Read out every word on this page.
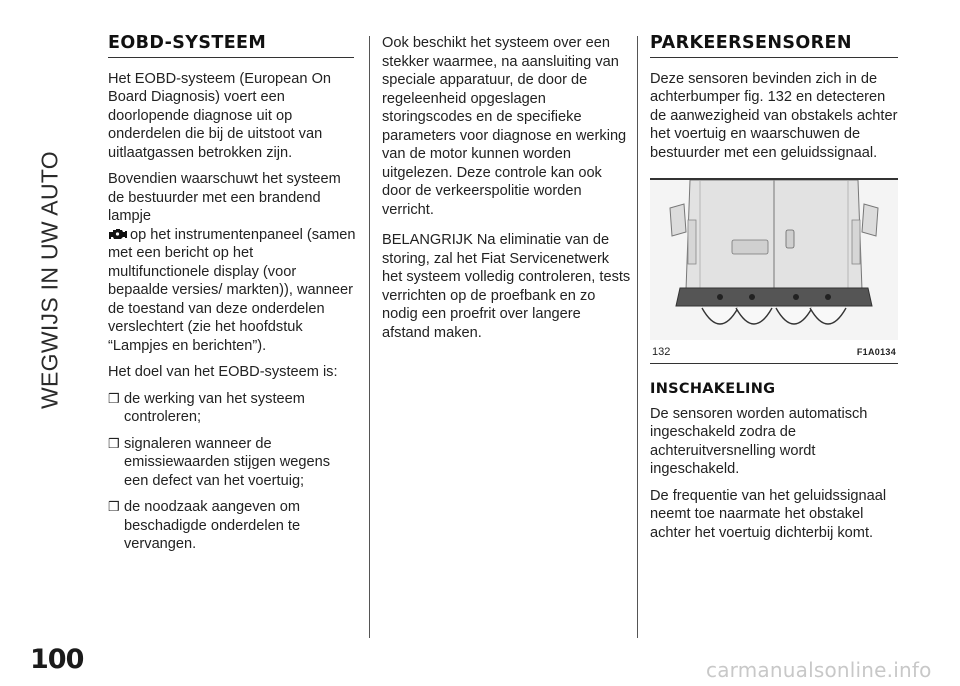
WEGWIJS IN UW AUTO
100
EOBD-SYSTEEM

Het EOBD-systeem (European On Board Diagnosis) voert een doorlopende diagnose uit op onderdelen die bij de uitstoot van uitlaatgassen betrokken zijn.

Bovendien waarschuwt het systeem de bestuurder met een brandend lampje
op het instrumentenpaneel (samen met een bericht op het multifunctionele display (voor bepaalde versies/ markten)), wanneer de toestand van deze onderdelen verslechtert (zie het hoofdstuk “Lampjes en berichten”).

Het doel van het EOBD-systeem is:

❒ de werking van het systeem controleren;
❒ signaleren wanneer de emissiewaarden stijgen wegens een defect van het voertuig;
❒ de noodzaak aangeven om beschadigde onderdelen te vervangen.

Ook beschikt het systeem over een stekker waarmee, na aansluiting van speciale apparatuur, de door de regeleenheid opgeslagen storingscodes en de specifieke parameters voor diagnose en werking van de motor kunnen worden uitgelezen. Deze controle kan ook door de verkeerspolitie worden verricht.

BELANGRIJK Na eliminatie van de storing, zal het Fiat Servicenetwerk het systeem volledig controleren, tests verrichten op de proefbank en zo nodig een proefrit over langere afstand maken.

PARKEERSENSOREN

Deze sensoren bevinden zich in de achterbumper fig. 132 en detecteren de aanwezigheid van obstakels achter het voertuig en waarschuwen de bestuurder met een geluidssignaal.

132	F1A0134
INSCHAKELING

De sensoren worden automatisch ingeschakeld zodra de achteruitversnelling wordt ingeschakeld.

De frequentie van het geluidssignaal neemt toe naarmate het obstakel achter het voertuig dichterbij komt.

carmanualsonline.info
